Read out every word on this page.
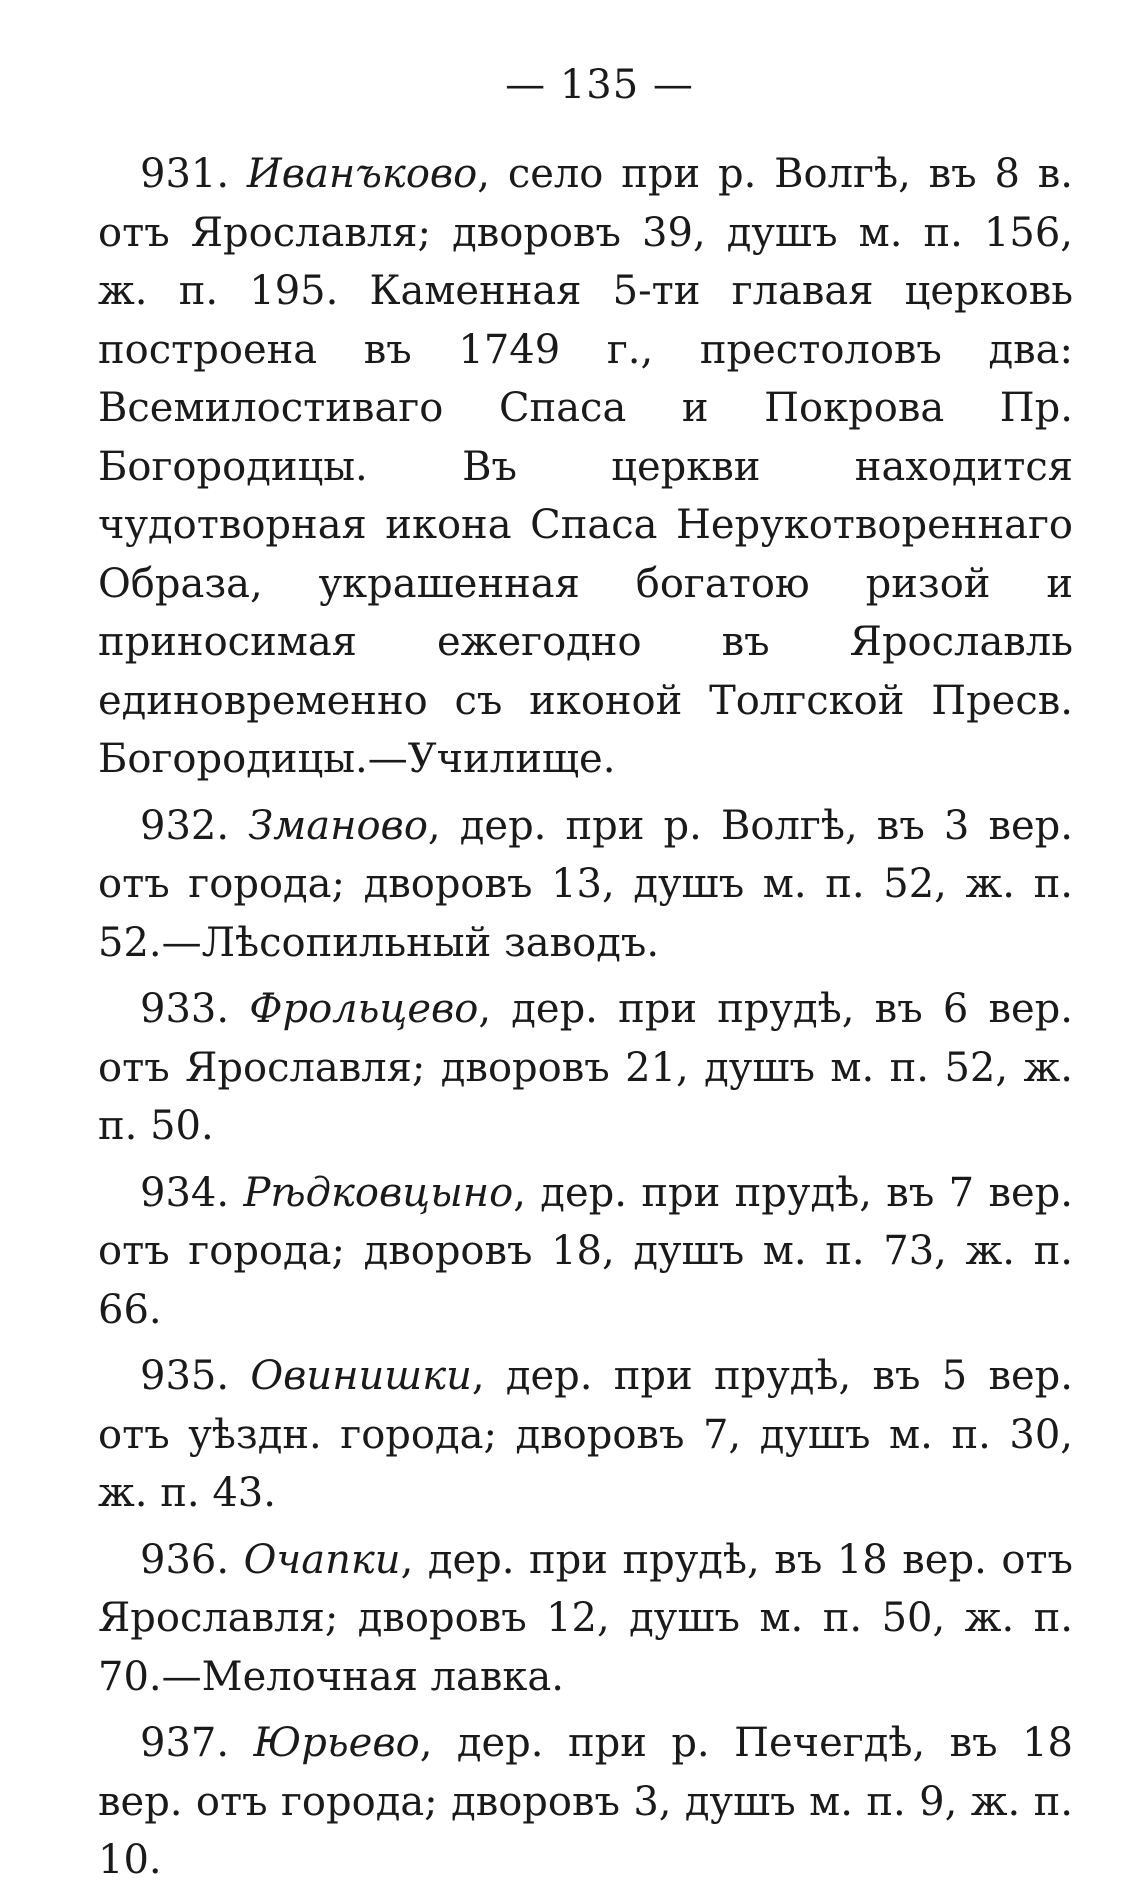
— 135 —

931. Иванъково, село при р. Волгѣ, въ 8 в. отъ Ярославля; дворовъ 39, душъ м. п. 156, ж. п. 195. Каменная 5-ти главая церковь построена въ 1749 г., престоловъ два: Всемилостиваго Спаса и Покрова Пр. Богородицы. Въ церкви находится чудотворная икона Спаса Нерукотвореннаго Образа, украшенная богатою ризой и приносимая ежегодно въ Ярославль единовременно съ иконой Толгской Пресв. Богородицы.—Училище.

932. Зманово, дер. при р. Волгѣ, въ 3 вер. отъ города; дворовъ 13, душъ м. п. 52, ж. п. 52.—Лѣсопильный заводъ.

933. Фрольцево, дер. при прудѣ, въ 6 вер. отъ Ярославля; дворовъ 21, душъ м. п. 52, ж. п. 50.

934. Рѣдковцыно, дер. при прудѣ, въ 7 вер. отъ города; дворовъ 18, душъ м. п. 73, ж. п. 66.

935. Овинишки, дер. при прудѣ, въ 5 вер. отъ уѣздн. города; дворовъ 7, душъ м. п. 30, ж. п. 43.

936. Очапки, дер. при прудѣ, въ 18 вер. отъ Ярославля; дворовъ 12, душъ м. п. 50, ж. п. 70.—Мелочная лавка.

937. Юрьево, дер. при р. Печегдѣ, въ 18 вер. отъ города; дворовъ 3, душъ м. п. 9, ж. п. 10.
